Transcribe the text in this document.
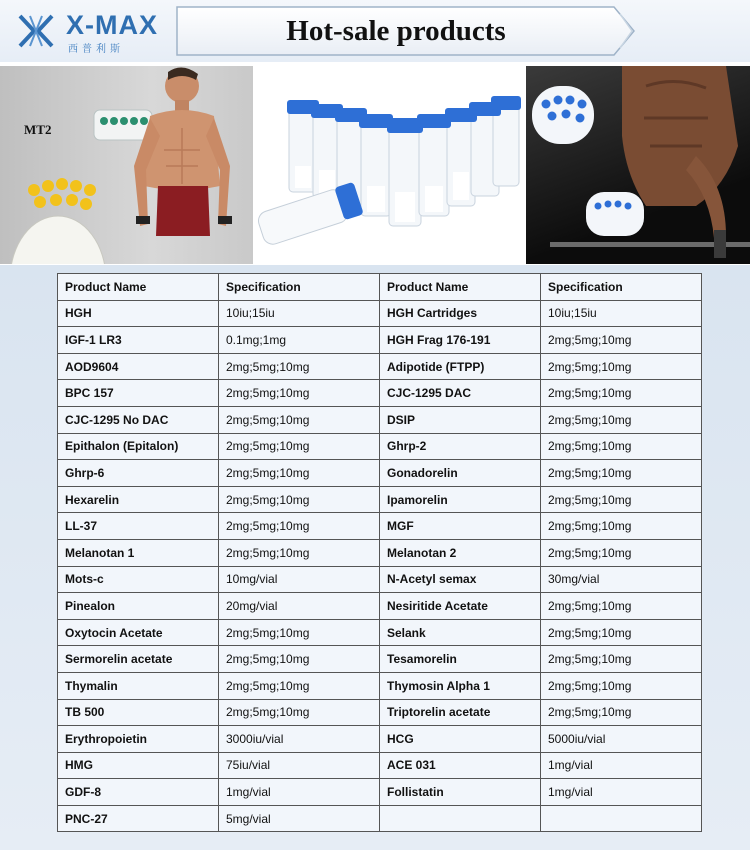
X-MAX
西普利斯
Hot-sale products
MT2
Product Name	Specification	Product Name	Specification
HGH	10iu;15iu	HGH Cartridges	10iu;15iu
IGF-1 LR3	0.1mg;1mg	HGH Frag 176-191	2mg;5mg;10mg
AOD9604	2mg;5mg;10mg	Adipotide (FTPP)	2mg;5mg;10mg
BPC 157	2mg;5mg;10mg	CJC-1295 DAC	2mg;5mg;10mg
CJC-1295 No DAC	2mg;5mg;10mg	DSIP	2mg;5mg;10mg
Epithalon (Epitalon)	2mg;5mg;10mg	Ghrp-2	2mg;5mg;10mg
Ghrp-6	2mg;5mg;10mg	Gonadorelin	2mg;5mg;10mg
Hexarelin	2mg;5mg;10mg	Ipamorelin	2mg;5mg;10mg
LL-37	2mg;5mg;10mg	MGF	2mg;5mg;10mg
Melanotan 1	2mg;5mg;10mg	Melanotan 2	2mg;5mg;10mg
Mots-c	10mg/vial	N-Acetyl semax	30mg/vial
Pinealon	20mg/vial	Nesiritide Acetate	2mg;5mg;10mg
Oxytocin Acetate	2mg;5mg;10mg	Selank	2mg;5mg;10mg
Sermorelin acetate	2mg;5mg;10mg	Tesamorelin	2mg;5mg;10mg
Thymalin	2mg;5mg;10mg	Thymosin Alpha 1	2mg;5mg;10mg
TB 500	2mg;5mg;10mg	Triptorelin acetate	2mg;5mg;10mg
Erythropoietin	3000iu/vial	HCG	5000iu/vial
HMG	75iu/vial	ACE 031	1mg/vial
GDF-8	1mg/vial	Follistatin	1mg/vial
PNC-27	5mg/vial		
